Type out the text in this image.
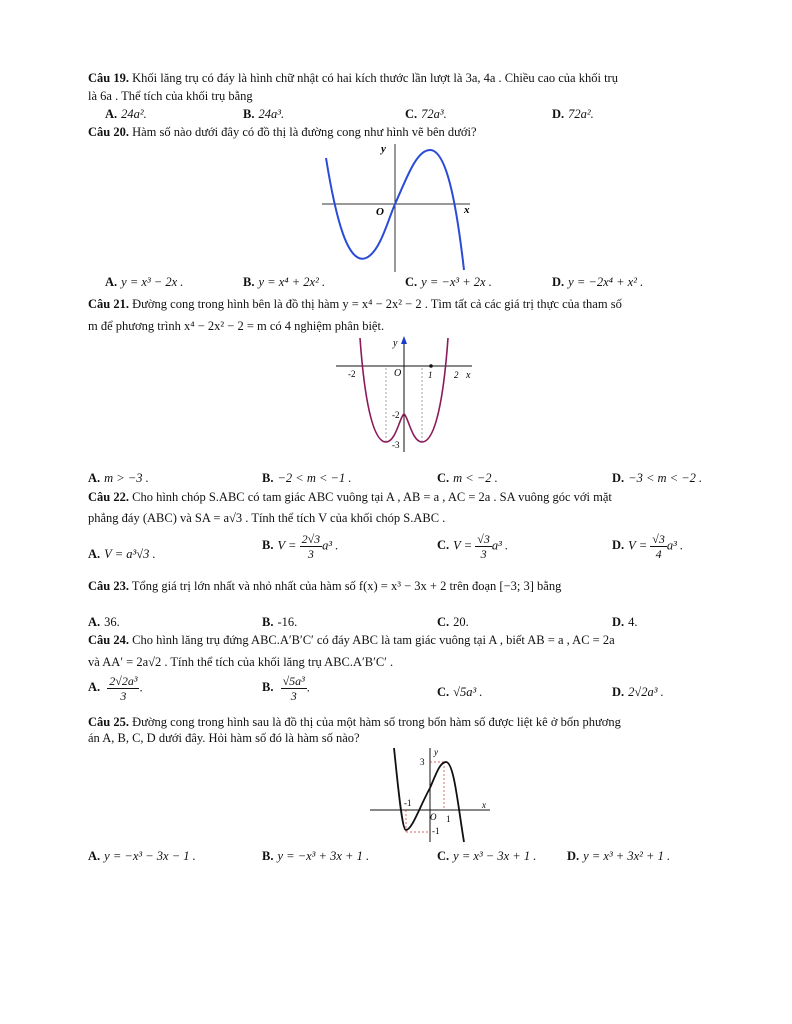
Câu 19. Khối lăng trụ có đáy là hình chữ nhật có hai kích thước lần lượt là 3a, 4a . Chiều cao của khối trụ
là 6a . Thể tích của khối trụ bằng
A. 24a².	B. 24a³.	C. 72a³.	D. 72a².
Câu 20. Hàm số nào dưới đây có đồ thị là đường cong như hình vẽ bên dưới?
y
x
O
A. y = x³ − 2x .	B. y = x⁴ + 2x² .	C. y = −x³ + 2x .	D. y = −2x⁴ + x² .
Câu 21. Đường cong trong hình bên là đồ thị hàm y = x⁴ − 2x² − 2 . Tìm tất cả các giá trị thực của tham số
m để phương trình x⁴ − 2x² − 2 = m có 4 nghiệm phân biệt.
y
x
O
-2	1 2
-2
-3
A. m > −3 .	B. −2 < m < −1 .	C. m < −2 .	D. −3 < m < −2 .
Câu 22. Cho hình chóp S.ABC có tam giác ABC vuông tại A , AB = a , AC = 2a . SA vuông góc với mặt
phẳng đáy (ABC) và SA = a√3 . Tính thể tích V của khối chóp S.ABC .
A. V = a³√3 .
B. $V = \frac{2√3}{3} a^3$ .	C. $V = \frac{√3}{3} a^3$ .	D. $V = \frac{√3}{4} a^3$ .
Câu 23. Tổng giá trị lớn nhất và nhỏ nhất của hàm số f(x) = x³ − 3x + 2 trên đoạn [−3; 3] bằng
A. 36.	B. -16.	C. 20.	D. 4.
Câu 24. Cho hình lăng trụ đứng ABC.A′B′C′ có đáy ABC là tam giác vuông tại A , biết AB = a , AC = 2a
và AA′ = 2a√2 . Tính thể tích của khối lăng trụ ABC.A′B′C′ .
A. $\frac{\text{2√2a³}}{3}$ .	B. $\frac{\text{√5a³}}{3}$ .	C. √5a³ .	D. 2√2a³ .
Câu 25. Đường cong trong hình sau là đồ thị của một hàm số trong bốn hàm số được liệt kê ở bốn phương
án A, B, C, D dưới đây. Hỏi hàm số đó là hàm số nào?
y
x
O
3
-1
1
-1
A. y = −x³ − 3x − 1 .	B. y = −x³ + 3x + 1 .	C. y = x³ − 3x + 1 . D. y = x³ + 3x² + 1 .
